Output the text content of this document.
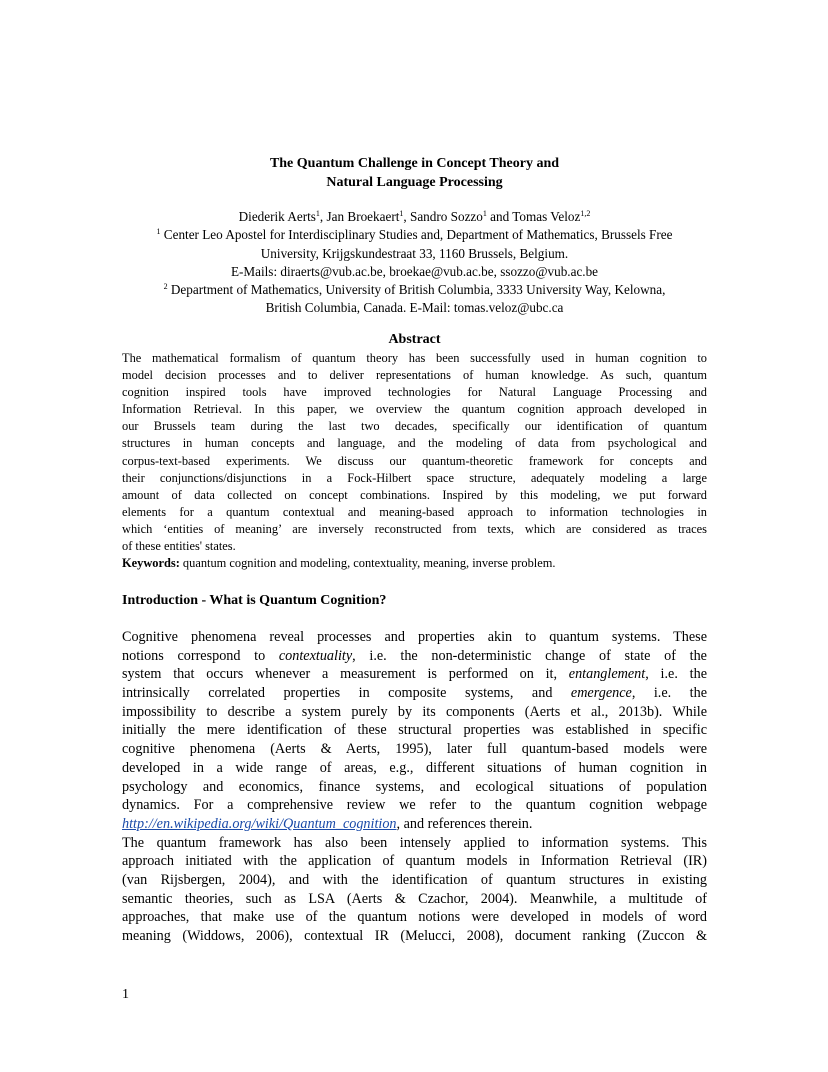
The Quantum Challenge in Concept Theory and
Natural Language Processing
Diederik Aerts$^1$, Jan Broekaert$^1$, Sandro Sozzo$^1$ and Tomas Veloz$^{1,2}$
$^1$ Center Leo Apostel for Interdisciplinary Studies and, Department of Mathematics, Brussels Free
University, Krijgskundestraat 33, 1160 Brussels, Belgium.
E-Mails: diraerts@vub.ac.be, broekae@vub.ac.be, ssozzo@vub.ac.be
$^2$ Department of Mathematics, University of British Columbia, 3333 University Way, Kelowna,
British Columbia, Canada. E-Mail: tomas.veloz@ubc.ca
Abstract
The mathematical formalism of quantum theory has been successfully used in human cognition to
model decision processes and to deliver representations of human knowledge. As such, quantum
cognition inspired tools have improved technologies for Natural Language Processing and
Information Retrieval. In this paper, we overview the quantum cognition approach developed in
our Brussels team during the last two decades, specifically our identification of quantum
structures in human concepts and language, and the modeling of data from psychological and
corpus-text-based experiments. We discuss our quantum-theoretic framework for concepts and
their conjunctions/disjunctions in a Fock-Hilbert space structure, adequately modeling a large
amount of data collected on concept combinations. Inspired by this modeling, we put forward
elements for a quantum contextual and meaning-based approach to information technologies in
which ‘entities of meaning’ are inversely reconstructed from texts, which are considered as traces
of these entities' states.
Keywords: quantum cognition and modeling, contextuality, meaning, inverse problem.
Introduction - What is Quantum Cognition?
Cognitive phenomena reveal processes and properties akin to quantum systems. These
notions correspond to contextuality, i.e. the non-deterministic change of state of the
system that occurs whenever a measurement is performed on it, entanglement, i.e. the
intrinsically correlated properties in composite systems, and emergence, i.e. the
impossibility to describe a system purely by its components (Aerts et al., 2013b). While
initially the mere identification of these structural properties was established in specific
cognitive phenomena (Aerts & Aerts, 1995), later full quantum-based models were
developed in a wide range of areas, e.g., different situations of human cognition in
psychology and economics, finance systems, and ecological situations of population
dynamics. For a comprehensive review we refer to the quantum cognition webpage
http://en.wikipedia.org/wiki/Quantum_cognition, and references therein.
The quantum framework has also been intensely applied to information systems. This
approach initiated with the application of quantum models in Information Retrieval (IR)
(van Rijsbergen, 2004), and with the identification of quantum structures in existing
semantic theories, such as LSA (Aerts & Czachor, 2004). Meanwhile, a multitude of
approaches, that make use of the quantum notions were developed in models of word
meaning (Widdows, 2006), contextual IR (Melucci, 2008), document ranking (Zuccon &
1
